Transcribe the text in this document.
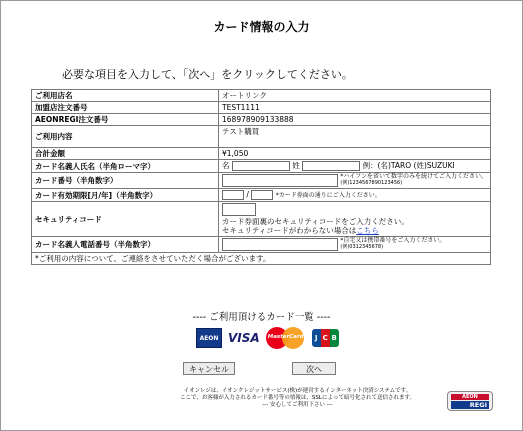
カード情報の入力
必要な項目を入力して、「次へ」をクリックしてください。
ご利用店名	オートリンク
加盟店注文番号	TEST1111
AEONREGI注文番号	168978909133888
ご利用内容	テスト購買
合計金額	¥1,050
カード名義人氏名（半角ローマ字）	名 姓 例：(名)TARO (姓)SUZUKI
カード番号（半角数字）	*ハイフンを省いて数字のみを続けてご入力ください。
(例)1234567890123456)

カード有効期限[月/年]（半角数字）	/ *カード券面の通りにご入力ください。
セキュリティコード	カード券面裏のセキュリティコードをご入力ください。
セキュリティコードがわからない場合はこちら

カード名義人電話番号（半角数字）	*自宅又は携帯番号をご入力ください。
(例)0312345678)

*ご利用の内容について、ご連絡をさせていただく場合がございます。	
---- ご利用頂けるカード一覧 ----
AEON VISA	MasterCard	J C B
キャンセル	次へ
イオンレジは、イオンクレジットサービス(株)が運営するインターネット決済システムです。
ここで、お客様が入力されるカード番号等の情報は、SSLによって暗号化されて送信されます。
--- 安心してご利用下さい ---
AEON
REGI
